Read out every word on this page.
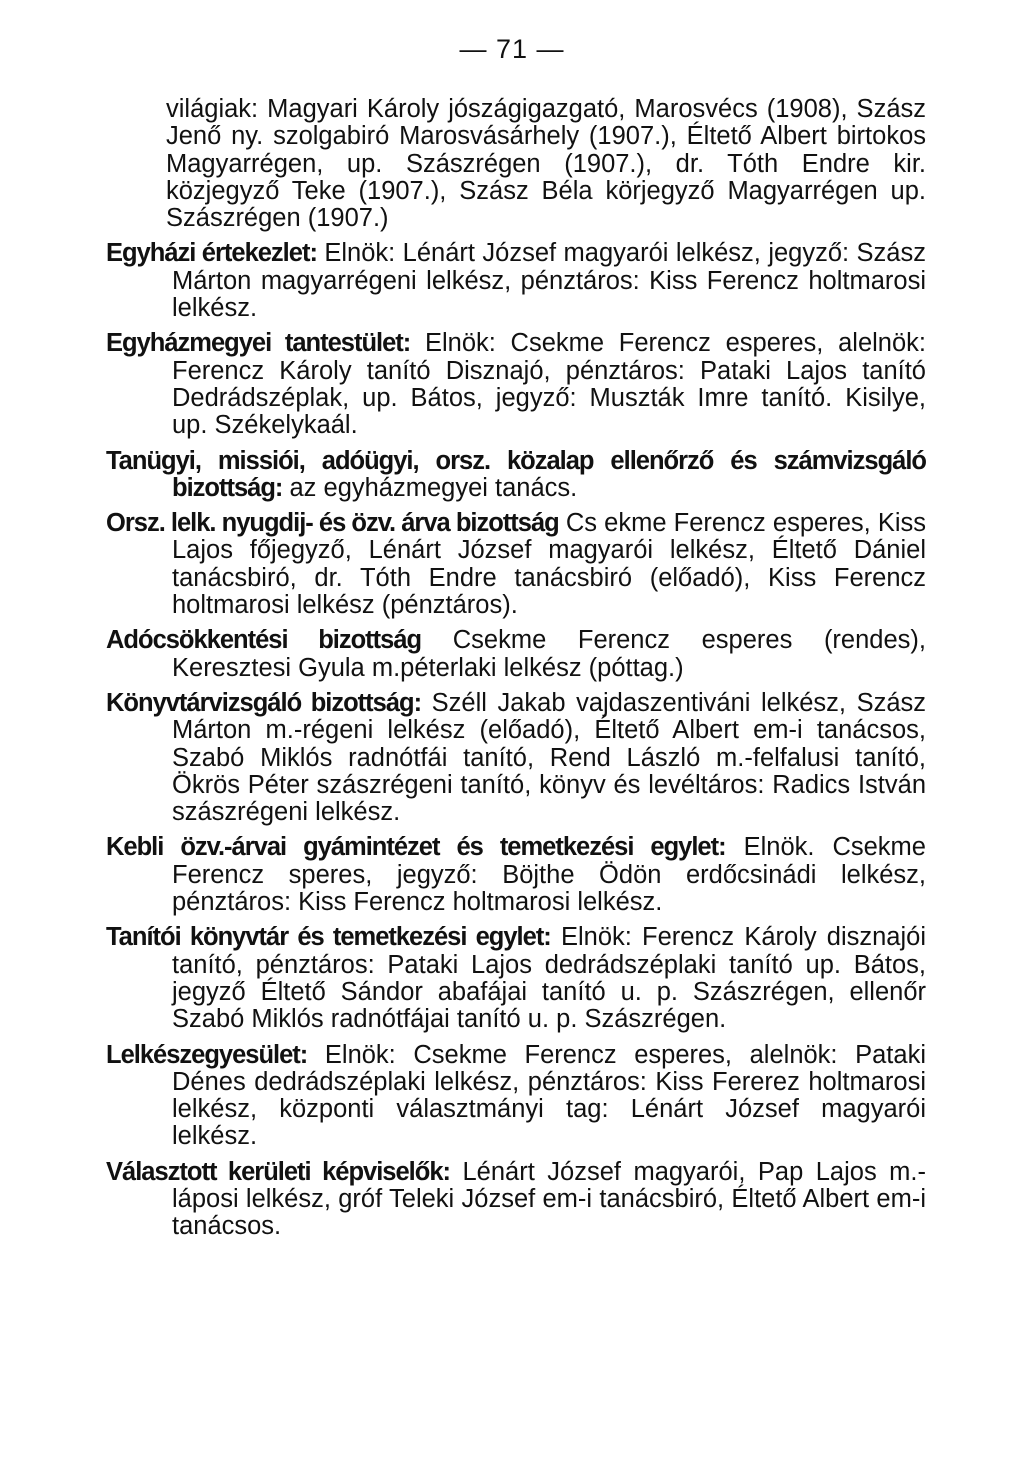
— 71 —

világiak: Magyari Károly jószágigazgató, Marosvécs (1908), Szász Jenő ny. szolgabiró Marosvásárhely (1907.), Éltető Albert birtokos Magyarrégen, up. Szászrégen (1907.), dr. Tóth Endre kir. közjegyző Teke (1907.), Szász Béla körjegyző Magyarrégen up. Szászrégen (1907.)

Egyházi értekezlet: Elnök: Lénárt József magyarói lelkész, jegyző: Szász Márton magyarrégeni lelkész, pénztáros: Kiss Ferencz holtmarosi lelkész.

Egyházmegyei tantestület: Elnök: Csekme Ferencz esperes, alelnök: Ferencz Károly tanító Disznajó, pénztáros: Pataki Lajos tanító Dedrádszéplak, up. Bátos, jegyző: Muszták Imre tanító. Kisilye, up. Székelykaál.

Tanügyi, missiói, adóügyi, orsz. közalap ellenőrző és számvizsgáló bizottság: az egyházmegyei tanács.

Orsz. lelk. nyugdij- és özv. árva bizottság Cs ekme Ferencz esperes, Kiss Lajos főjegyző, Lénárt József magyarói lelkész, Éltető Dániel tanácsbiró, dr. Tóth Endre tanácsbiró (előadó), Kiss Ferencz holtmarosi lelkész (pénztáros).

Adócsökkentési bizottság Csekme Ferencz esperes (rendes), Keresztesi Gyula m.péterlaki lelkész (póttag.)

Könyvtárvizsgáló bizottság: Széll Jakab vajdaszentiváni lelkész, Szász Márton m.-régeni lelkész (előadó), Éltető Albert em-i tanácsos, Szabó Miklós radnótfái tanító, Rend László m.-felfalusi tanító, Ökrös Péter szászrégeni tanító, könyv és levéltáros: Radics István szászrégeni lelkész.

Kebli özv.-árvai gyámintézet és temetkezési egylet: Elnök. Csekme Ferencz speres, jegyző: Böjthe Ödön erdőcsinádi lelkész, pénztáros: Kiss Ferencz holtmarosi lelkész.

Tanítói könyvtár és temetkezési egylet: Elnök: Ferencz Károly disznajói tanító, pénztáros: Pataki Lajos dedrádszéplaki tanító up. Bátos, jegyző Éltető Sándor abafájai tanító u. p. Szászrégen, ellenőr Szabó Miklós radnótfájai tanító u. p. Szászrégen.

Lelkészegyesület: Elnök: Csekme Ferencz esperes, alelnök: Pataki Dénes dedrádszéplaki lelkész, pénztáros: Kiss Fererez holtmarosi lelkész, központi választmányi tag: Lénárt József magyarói lelkész.

Választott kerületi képviselők: Lénárt József magyarói, Pap Lajos m.-láposi lelkész, gróf Teleki József em-i tanácsbiró, Éltető Albert em-i tanácsos.
